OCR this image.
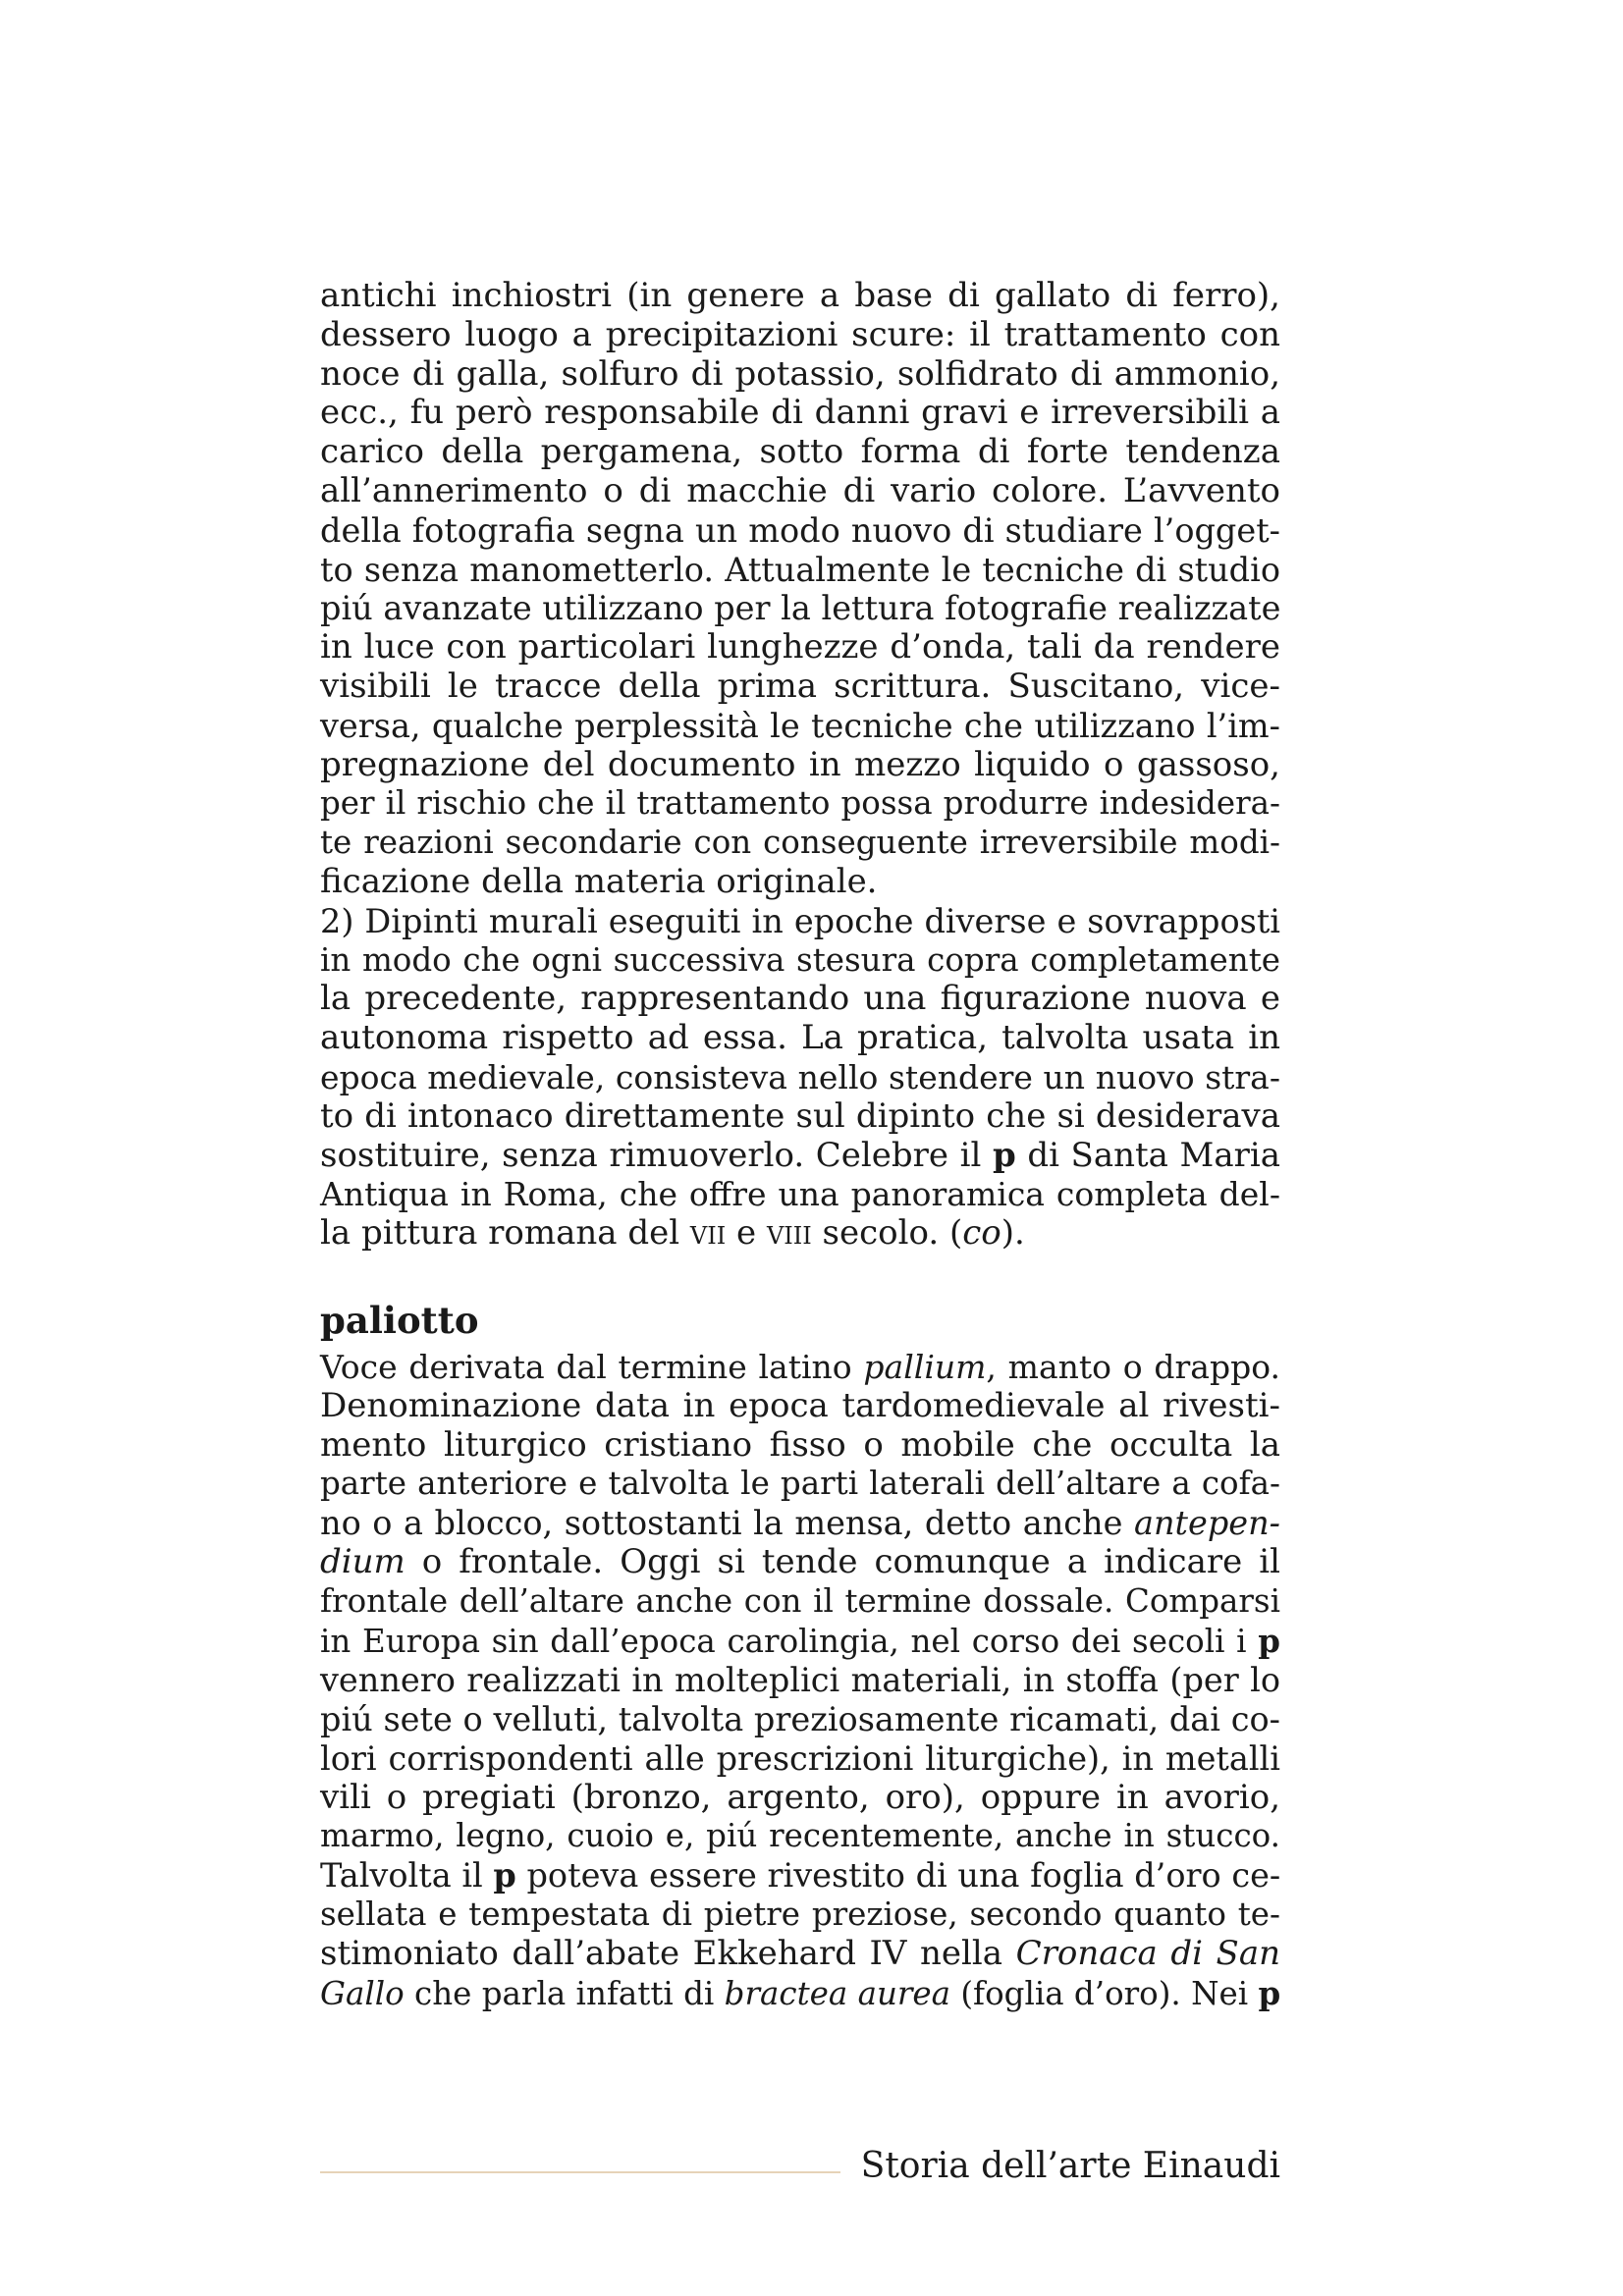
antichi inchiostri (in genere a base di gallato di ferro),
dessero luogo a precipitazioni scure: il trattamento con
noce di galla, solfuro di potassio, solfidrato di ammonio,
ecc., fu però responsabile di danni gravi e irreversibili a
carico della pergamena, sotto forma di forte tendenza
all’annerimento o di macchie di vario colore. L’avvento
della fotografia segna un modo nuovo di studiare l’ogget-
to senza manometterlo. Attualmente le tecniche di studio
piú avanzate utilizzano per la lettura fotografie realizzate
in luce con particolari lunghezze d’onda, tali da rendere
visibili le tracce della prima scrittura. Suscitano, vice-
versa, qualche perplessità le tecniche che utilizzano l’im-
pregnazione del documento in mezzo liquido o gassoso,
per il rischio che il trattamento possa produrre indesidera-
te reazioni secondarie con conseguente irreversibile modi-
ficazione della materia originale.

2) Dipinti murali eseguiti in epoche diverse e sovrapposti
in modo che ogni successiva stesura copra completamente
la precedente, rappresentando una figurazione nuova e
autonoma rispetto ad essa. La pratica, talvolta usata in
epoca medievale, consisteva nello stendere un nuovo stra-
to di intonaco direttamente sul dipinto che si desiderava
sostituire, senza rimuoverlo. Celebre il p di Santa Maria
Antiqua in Roma, che offre una panoramica completa del-
la pittura romana del vii e viii secolo. (co).

paliotto

Voce derivata dal termine latino pallium, manto o drappo.
Denominazione data in epoca tardomedievale al rivesti-
mento liturgico cristiano fisso o mobile che occulta la
parte anteriore e talvolta le parti laterali dell’altare a cofa-
no o a blocco, sottostanti la mensa, detto anche antepen-
dium o frontale. Oggi si tende comunque a indicare il
frontale dell’altare anche con il termine dossale. Comparsi
in Europa sin dall’epoca carolingia, nel corso dei secoli i p
vennero realizzati in molteplici materiali, in stoffa (per lo
piú sete o velluti, talvolta preziosamente ricamati, dai co-
lori corrispondenti alle prescrizioni liturgiche), in metalli
vili o pregiati (bronzo, argento, oro), oppure in avorio,
marmo, legno, cuoio e, piú recentemente, anche in stucco.
Talvolta il p poteva essere rivestito di una foglia d’oro ce-
sellata e tempestata di pietre preziose, secondo quanto te-
stimoniato dall’abate Ekkehard IV nella Cronaca di San
Gallo che parla infatti di bractea aurea (foglia d’oro). Nei p

Storia dell’arte Einaudi
